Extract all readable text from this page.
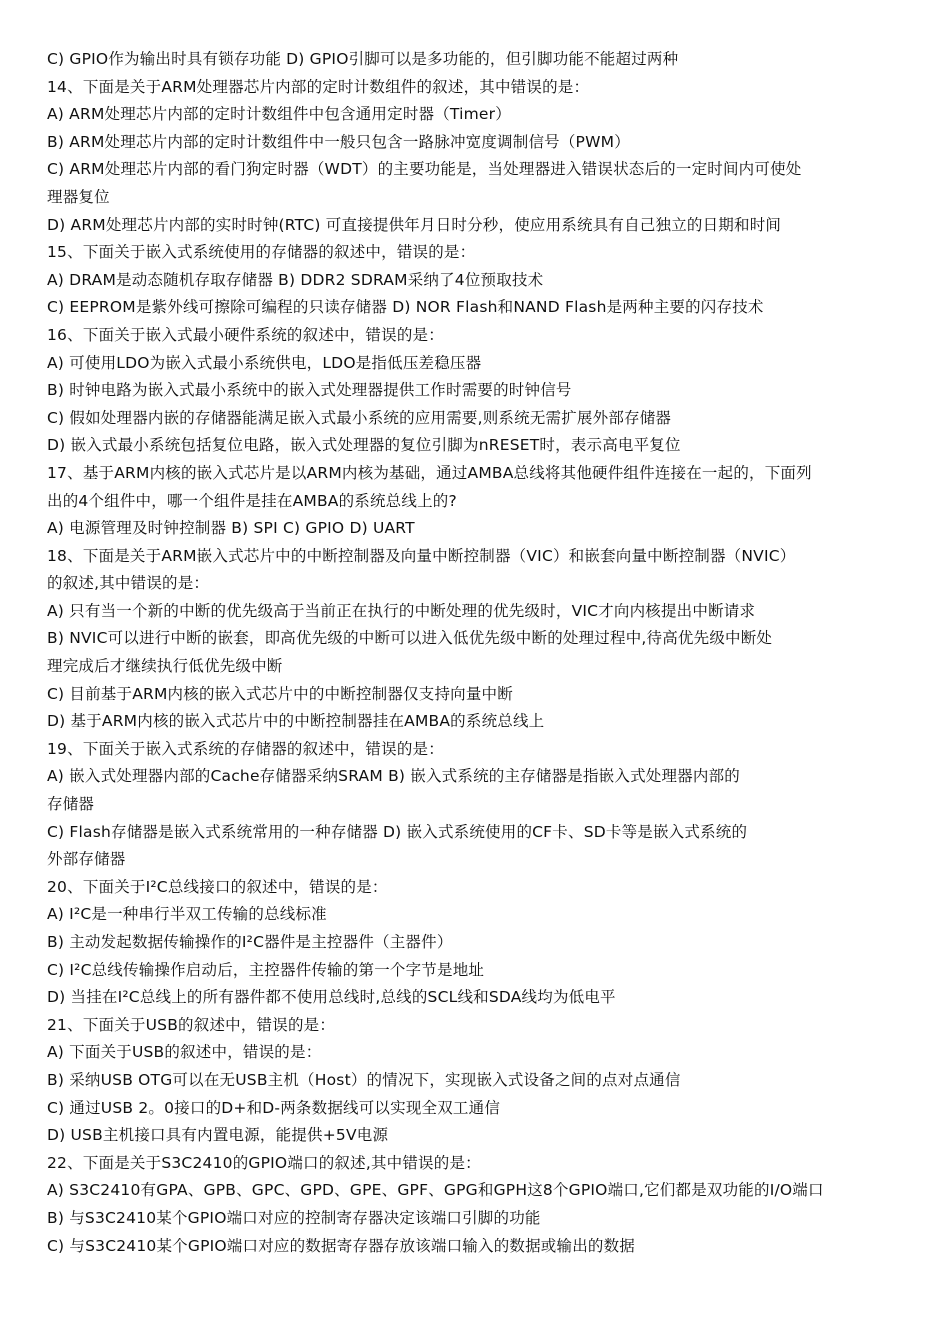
C) GPIO作为输出时具有锁存功能 D) GPIO引脚可以是多功能的，但引脚功能不能超过两种
14、下面是关于ARM处理器芯片内部的定时计数组件的叙述，其中错误的是：
A) ARM处理芯片内部的定时计数组件中包含通用定时器（Timer）
B) ARM处理芯片内部的定时计数组件中一般只包含一路脉冲宽度调制信号（PWM）
C) ARM处理芯片内部的看门狗定时器（WDT）的主要功能是，当处理器进入错误状态后的一定时间内可使处
理器复位
D) ARM处理芯片内部的实时时钟(RTC) 可直接提供年月日时分秒，使应用系统具有自己独立的日期和时间
15、下面关于嵌入式系统使用的存储器的叙述中，错误的是：
A) DRAM是动态随机存取存储器 B) DDR2 SDRAM采纳了4位预取技术
C) EEPROM是紫外线可擦除可编程的只读存储器 D) NOR Flash和NAND Flash是两种主要的闪存技术
16、下面关于嵌入式最小硬件系统的叙述中，错误的是：
A) 可使用LDO为嵌入式最小系统供电，LDO是指低压差稳压器
B) 时钟电路为嵌入式最小系统中的嵌入式处理器提供工作时需要的时钟信号
C) 假如处理器内嵌的存储器能满足嵌入式最小系统的应用需要,则系统无需扩展外部存储器
D) 嵌入式最小系统包括复位电路，嵌入式处理器的复位引脚为nRESET时，表示高电平复位
17、基于ARM内核的嵌入式芯片是以ARM内核为基础，通过AMBA总线将其他硬件组件连接在一起的，下面列
出的4个组件中，哪一个组件是挂在AMBA的系统总线上的?
A) 电源管理及时钟控制器 B) SPI C) GPIO D) UART
18、下面是关于ARM嵌入式芯片中的中断控制器及向量中断控制器（VIC）和嵌套向量中断控制器（NVIC）
的叙述,其中错误的是：
A) 只有当一个新的中断的优先级高于当前正在执行的中断处理的优先级时，VIC才向内核提出中断请求
B) NVIC可以进行中断的嵌套，即高优先级的中断可以进入低优先级中断的处理过程中,待高优先级中断处
理完成后才继续执行低优先级中断
C) 目前基于ARM内核的嵌入式芯片中的中断控制器仅支持向量中断
D) 基于ARM内核的嵌入式芯片中的中断控制器挂在AMBA的系统总线上
19、下面关于嵌入式系统的存储器的叙述中，错误的是：
A) 嵌入式处理器内部的Cache存储器采纳SRAM B) 嵌入式系统的主存储器是指嵌入式处理器内部的
存储器
C) Flash存储器是嵌入式系统常用的一种存储器 D) 嵌入式系统使用的CF卡、SD卡等是嵌入式系统的
外部存储器
20、下面关于I²C总线接口的叙述中，错误的是：
A) I²C是一种串行半双工传输的总线标准
B) 主动发起数据传输操作的I²C器件是主控器件（主器件）
C) I²C总线传输操作启动后，主控器件传输的第一个字节是地址
D) 当挂在I²C总线上的所有器件都不使用总线时,总线的SCL线和SDA线均为低电平
21、下面关于USB的叙述中，错误的是：
A) 下面关于USB的叙述中，错误的是：
B) 采纳USB OTG可以在无USB主机（Host）的情况下，实现嵌入式设备之间的点对点通信
C) 通过USB 2。0接口的D+和D-两条数据线可以实现全双工通信
D) USB主机接口具有内置电源，能提供+5V电源
22、下面是关于S3C2410的GPIO端口的叙述,其中错误的是：
A) S3C2410有GPA、GPB、GPC、GPD、GPE、GPF、GPG和GPH这8个GPIO端口,它们都是双功能的I/O端口
B) 与S3C2410某个GPIO端口对应的控制寄存器决定该端口引脚的功能
C) 与S3C2410某个GPIO端口对应的数据寄存器存放该端口输入的数据或输出的数据
